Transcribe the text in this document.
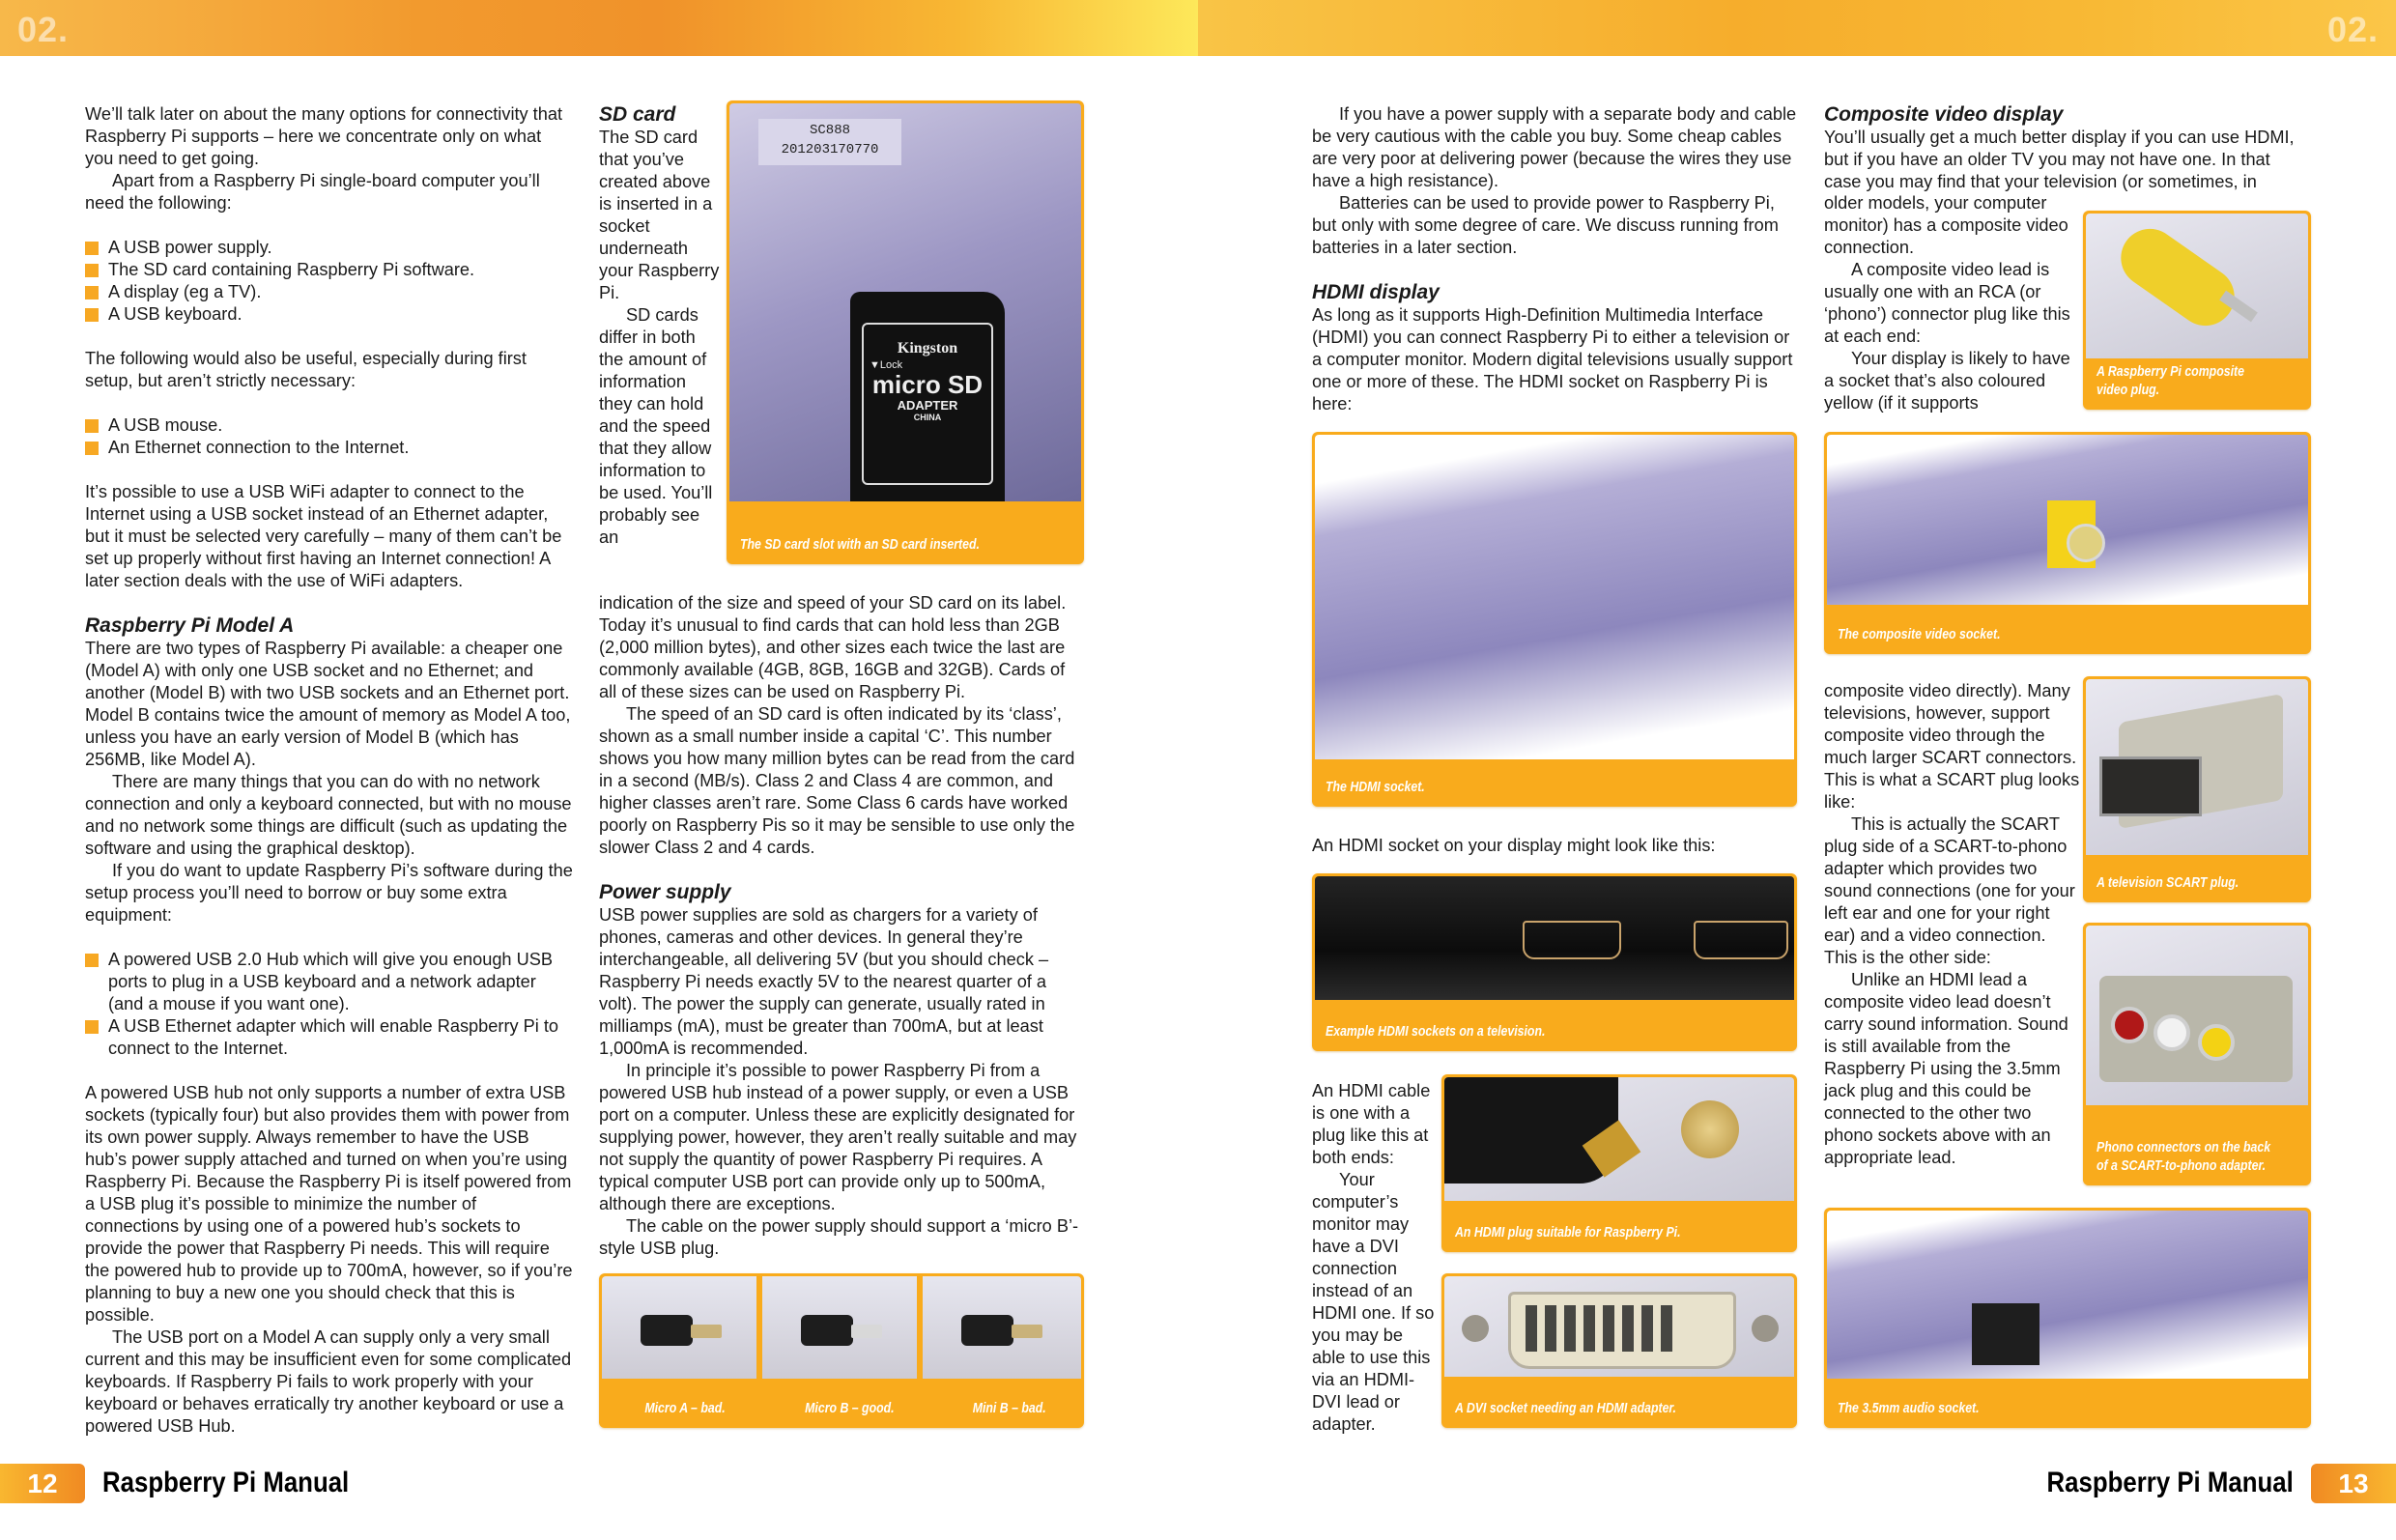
02.	02.

We’ll talk later on about the many options for connectivity that Raspberry Pi supports – here we concentrate only on what you need to get going.

Apart from a Raspberry Pi single-board computer you’ll need the following:

A USB power supply.
The SD card containing Raspberry Pi software.
A display (eg a TV).
A USB keyboard.

The following would also be useful, especially during first setup, but aren’t strictly necessary:

A USB mouse.
An Ethernet connection to the Internet.

It’s possible to use a USB WiFi adapter to connect to the Internet using a USB socket instead of an Ethernet adapter, but it must be selected very carefully – many of them can’t be set up properly without first having an Internet connection! A later section deals with the use of WiFi adapters.

Raspberry Pi Model A

There are two types of Raspberry Pi available: a cheaper one (Model A) with only one USB socket and no Ethernet; and another (Model B) with two USB sockets and an Ethernet port. Model B contains twice the amount of memory as Model A too, unless you have an early version of Model B (which has 256MB, like Model A).

There are many things that you can do with no network connection and only a keyboard connected, but with no mouse and no network some things are difficult (such as updating the software and using the graphical desktop).

If you do want to update Raspberry Pi’s software during the setup process you’ll need to borrow or buy some extra equipment:

A powered USB 2.0 Hub which will give you enough USB ports to plug in a USB keyboard and a network adapter (and a mouse if you want one).
A USB Ethernet adapter which will enable Raspberry Pi to connect to the Internet.

A powered USB hub not only supports a number of extra USB sockets (typically four) but also provides them with power from its own power supply. Always remember to have the USB hub’s power supply attached and turned on when you’re using Raspberry Pi. Because the Raspberry Pi is itself powered from a USB plug it’s possible to minimize the number of connections by using one of a powered hub’s sockets to provide the power that Raspberry Pi needs. This will require the powered hub to provide up to 700mA, however, so if you’re planning to buy a new one you should check that this is possible.

The USB port on a Model A can supply only a very small current and this may be insufficient even for some complicated keyboards. If Raspberry Pi fails to work properly with your keyboard or behaves erratically try another keyboard or use a powered USB Hub.

SD card

The SD card that you’ve created above is inserted in a socket underneath your Raspberry Pi.

SD cards differ in both the amount of information they can hold and the speed that they allow information to be used. You’ll probably see an

SC888
201203170770
Kingston
▼Lock
micro SD
ADAPTER
CHINA
The SD card slot with an SD card inserted.

indication of the size and speed of your SD card on its label. Today it’s unusual to find cards that can hold less than 2GB (2,000 million bytes), and other sizes each twice the last are commonly available (4GB, 8GB, 16GB and 32GB). Cards of all of these sizes can be used on Raspberry Pi.

The speed of an SD card is often indicated by its ‘class’, shown as a small number inside a capital ‘C’. This number shows you how many million bytes can be read from the card in a second (MB/s). Class 2 and Class 4 are common, and higher classes aren’t rare. Some Class 6 cards have worked poorly on Raspberry Pis so it may be sensible to use only the slower Class 2 and 4 cards.

Power supply

USB power supplies are sold as chargers for a variety of phones, cameras and other devices. In general they’re interchangeable, all delivering 5V (but you should check – Raspberry Pi needs exactly 5V to the nearest quarter of a volt). The power the supply can generate, usually rated in milliamps (mA), must be greater than 700mA, but at least 1,000mA is recommended.

In principle it’s possible to power Raspberry Pi from a powered USB hub instead of a power supply, or even a USB port on a computer. Unless these are explicitly designated for supplying power, however, they aren’t really suitable and may not supply the quantity of power Raspberry Pi requires. A typical computer USB port can provide only up to 500mA, although there are exceptions.

The cable on the power supply should support a ‘micro B’-style USB plug.

Micro A – bad.	Micro B – good.	Mini B – bad.

If you have a power supply with a separate body and cable be very cautious with the cable you buy. Some cheap cables are very poor at delivering power (because the wires they use have a high resistance).

Batteries can be used to provide power to Raspberry Pi, but only with some degree of care. We discuss running from batteries in a later section.

HDMI display

As long as it supports High-Definition Multimedia Interface (HDMI) you can connect Raspberry Pi to either a television or a computer monitor. Modern digital televisions usually support one or more of these. The HDMI socket on Raspberry Pi is here:

The HDMI socket.

An HDMI socket on your display might look like this:

Example HDMI sockets on a television.

An HDMI cable is one with a plug like this at both ends:

Your computer’s monitor may have a DVI connection instead of an HDMI one. If so you may be able to use this via an HDMI-DVI lead or adapter.

An HDMI plug suitable for Raspberry Pi.
A DVI socket needing an HDMI adapter.
Composite video display

You’ll usually get a much better display if you can use HDMI, but if you have an older TV you may not have one. In that case you may find that your television (or sometimes, in

older models, your computer monitor) has a composite video connection.

A composite video lead is usually one with an RCA (or ‘phono’) connector plug like this at each end:

Your display is likely to have a socket that’s also coloured yellow (if it supports

A Raspberry Pi composite video plug.
The composite video socket.

composite video directly). Many televisions, however, support composite video through the much larger SCART connectors. This is what a SCART plug looks like:

This is actually the SCART plug side of a SCART-to-phono adapter which provides two sound connections (one for your left ear and one for your right ear) and a video connection. This is the other side:

Unlike an HDMI lead a composite video lead doesn’t carry sound information. Sound is still available from the Raspberry Pi using the 3.5mm jack plug and this could be connected to the other two phono sockets above with an appropriate lead.

A television SCART plug.
Phono connectors on the back of a SCART-to-phono adapter.
The 3.5mm audio socket.
12	Raspberry Pi Manual	Raspberry Pi Manual	13
